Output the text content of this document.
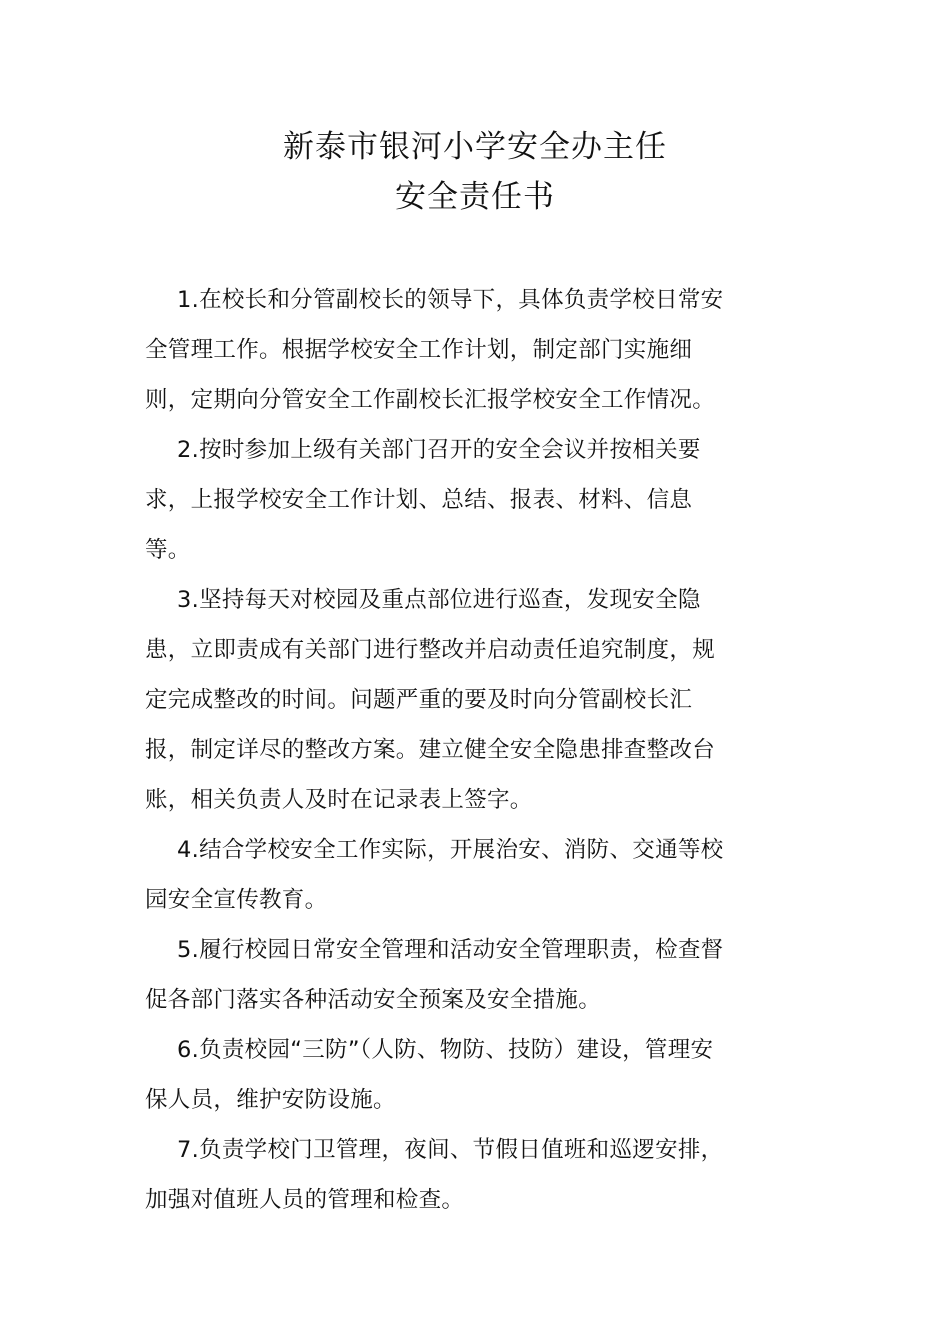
新泰市银河小学安全办主任

安全责任书

1.在校长和分管副校长的领导下，具体负责学校日常安
全管理工作。根据学校安全工作计划，制定部门实施细
则，定期向分管安全工作副校长汇报学校安全工作情况。

2.按时参加上级有关部门召开的安全会议并按相关要
求，上报学校安全工作计划、总结、报表、材料、信息
等。

3.坚持每天对校园及重点部位进行巡查，发现安全隐
患，立即责成有关部门进行整改并启动责任追究制度，规
定完成整改的时间。问题严重的要及时向分管副校长汇
报，制定详尽的整改方案。建立健全安全隐患排查整改台
账，相关负责人及时在记录表上签字。

4.结合学校安全工作实际，开展治安、消防、交通等校
园安全宣传教育。

5.履行校园日常安全管理和活动安全管理职责，检查督
促各部门落实各种活动安全预案及安全措施。

6.负责校园“三防”（人防、物防、技防）建设，管理安
保人员，维护安防设施。

7.负责学校门卫管理，夜间、节假日值班和巡逻安排，
加强对值班人员的管理和检查。
